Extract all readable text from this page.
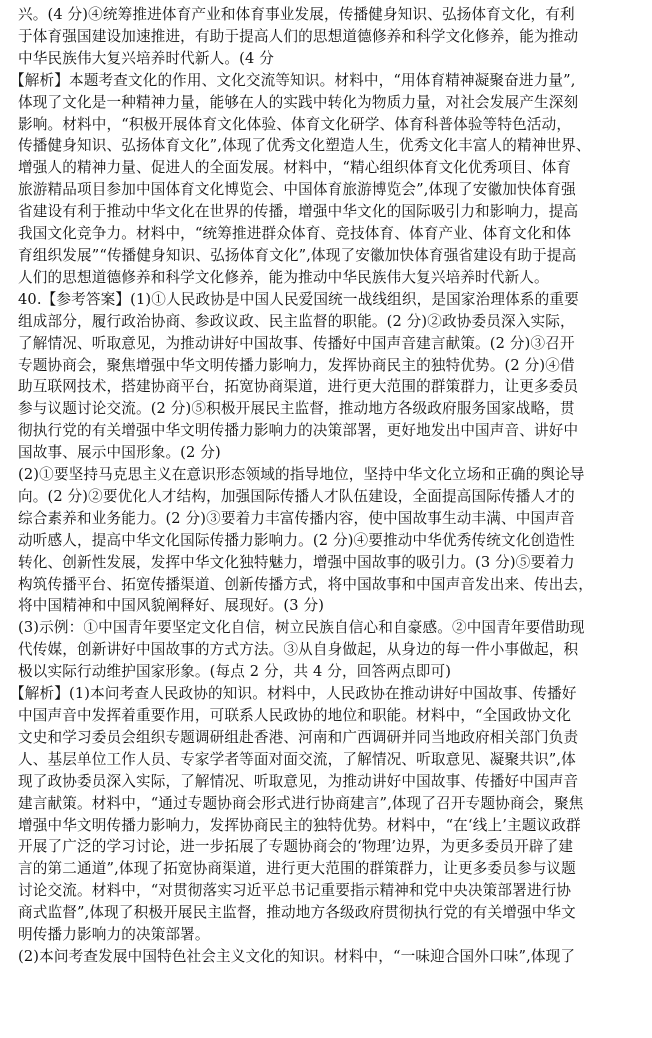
兴。(4 分)④统筹推进体育产业和体育事业发展，传播健身知识、弘扬体育文化，有利

于体育强国建设加速推进，有助于提高人们的思想道德修养和科学文化修养，能为推动

中华民族伟大复兴培养时代新人。(4 分

【解析】本题考查文化的作用、文化交流等知识。材料中，“用体育精神凝聚奋进力量”,

体现了文化是一种精神力量，能够在人的实践中转化为物质力量，对社会发展产生深刻

影响。材料中，“积极开展体育文化体验、体育文化研学、体育科普体验等特色活动，

传播健身知识、弘扬体育文化”,体现了优秀文化塑造人生，优秀文化丰富人的精神世界、

增强人的精神力量、促进人的全面发展。材料中，“精心组织体育文化优秀项目、体育

旅游精品项目参加中国体育文化博览会、中国体育旅游博览会”,体现了安徽加快体育强

省建设有利于推动中华文化在世界的传播，增强中华文化的国际吸引力和影响力，提高

我国文化竞争力。材料中，“统筹推进群众体育、竞技体育、体育产业、体育文化和体

育组织发展”“传播健身知识、弘扬体育文化”,体现了安徽加快体育强省建设有助于提高

人们的思想道德修养和科学文化修养，能为推动中华民族伟大复兴培养时代新人。

40.【参考答案】(1)①人民政协是中国人民爱国统一战线组织，是国家治理体系的重要

组成部分，履行政治协商、参政议政、民主监督的职能。(2 分)②政协委员深入实际，

了解情况、听取意见，为推动讲好中国故事、传播好中国声音建言献策。(2 分)③召开

专题协商会，聚焦增强中华文明传播力影响力，发挥协商民主的独特优势。(2 分)④借

助互联网技术，搭建协商平台，拓宽协商渠道，进行更大范围的群策群力，让更多委员

参与议题讨论交流。(2 分)⑤积极开展民主监督，推动地方各级政府服务国家战略，贯

彻执行党的有关增强中华文明传播力影响力的决策部署，更好地发出中国声音、讲好中

国故事、展示中国形象。(2 分)

(2)①要坚持马克思主义在意识形态领域的指导地位，坚持中华文化立场和正确的舆论导

向。(2 分)②要优化人才结构，加强国际传播人才队伍建设，全面提高国际传播人才的

综合素养和业务能力。(2 分)③要着力丰富传播内容，使中国故事生动丰满、中国声音

动听感人，提高中华文化国际传播力影响力。(2 分)④要推动中华优秀传统文化创造性

转化、创新性发展，发挥中华文化独特魅力，增强中国故事的吸引力。(3 分)⑤要着力

构筑传播平台、拓宽传播渠道、创新传播方式，将中国故事和中国声音发出来、传出去，

将中国精神和中国风貌阐释好、展现好。(3 分)

(3)示例：①中国青年要坚定文化自信，树立民族自信心和自豪感。②中国青年要借助现

代传媒，创新讲好中国故事的方式方法。③从自身做起，从身边的每一件小事做起，积

极以实际行动维护国家形象。(每点 2 分，共 4 分，回答两点即可)

【解析】(1)本问考查人民政协的知识。材料中，人民政协在推动讲好中国故事、传播好

中国声音中发挥着重要作用，可联系人民政协的地位和职能。材料中，“全国政协文化

文史和学习委员会组织专题调研组赴香港、河南和广西调研并同当地政府相关部门负责

人、基层单位工作人员、专家学者等面对面交流，了解情况、听取意见、凝聚共识”,体

现了政协委员深入实际，了解情况、听取意见，为推动讲好中国故事、传播好中国声音

建言献策。材料中，“通过专题协商会形式进行协商建言”,体现了召开专题协商会，聚焦

增强中华文明传播力影响力，发挥协商民主的独特优势。材料中，“在‘线上’主题议政群

开展了广泛的学习讨论，进一步拓展了专题协商会的‘物理’边界，为更多委员开辟了建

言的第二通道”,体现了拓宽协商渠道，进行更大范围的群策群力，让更多委员参与议题

讨论交流。材料中，“对贯彻落实习近平总书记重要指示精神和党中央决策部署进行协

商式监督”,体现了积极开展民主监督，推动地方各级政府贯彻执行党的有关增强中华文

明传播力影响力的决策部署。

(2)本问考查发展中国特色社会主义文化的知识。材料中，“一味迎合国外口味”,体现了
